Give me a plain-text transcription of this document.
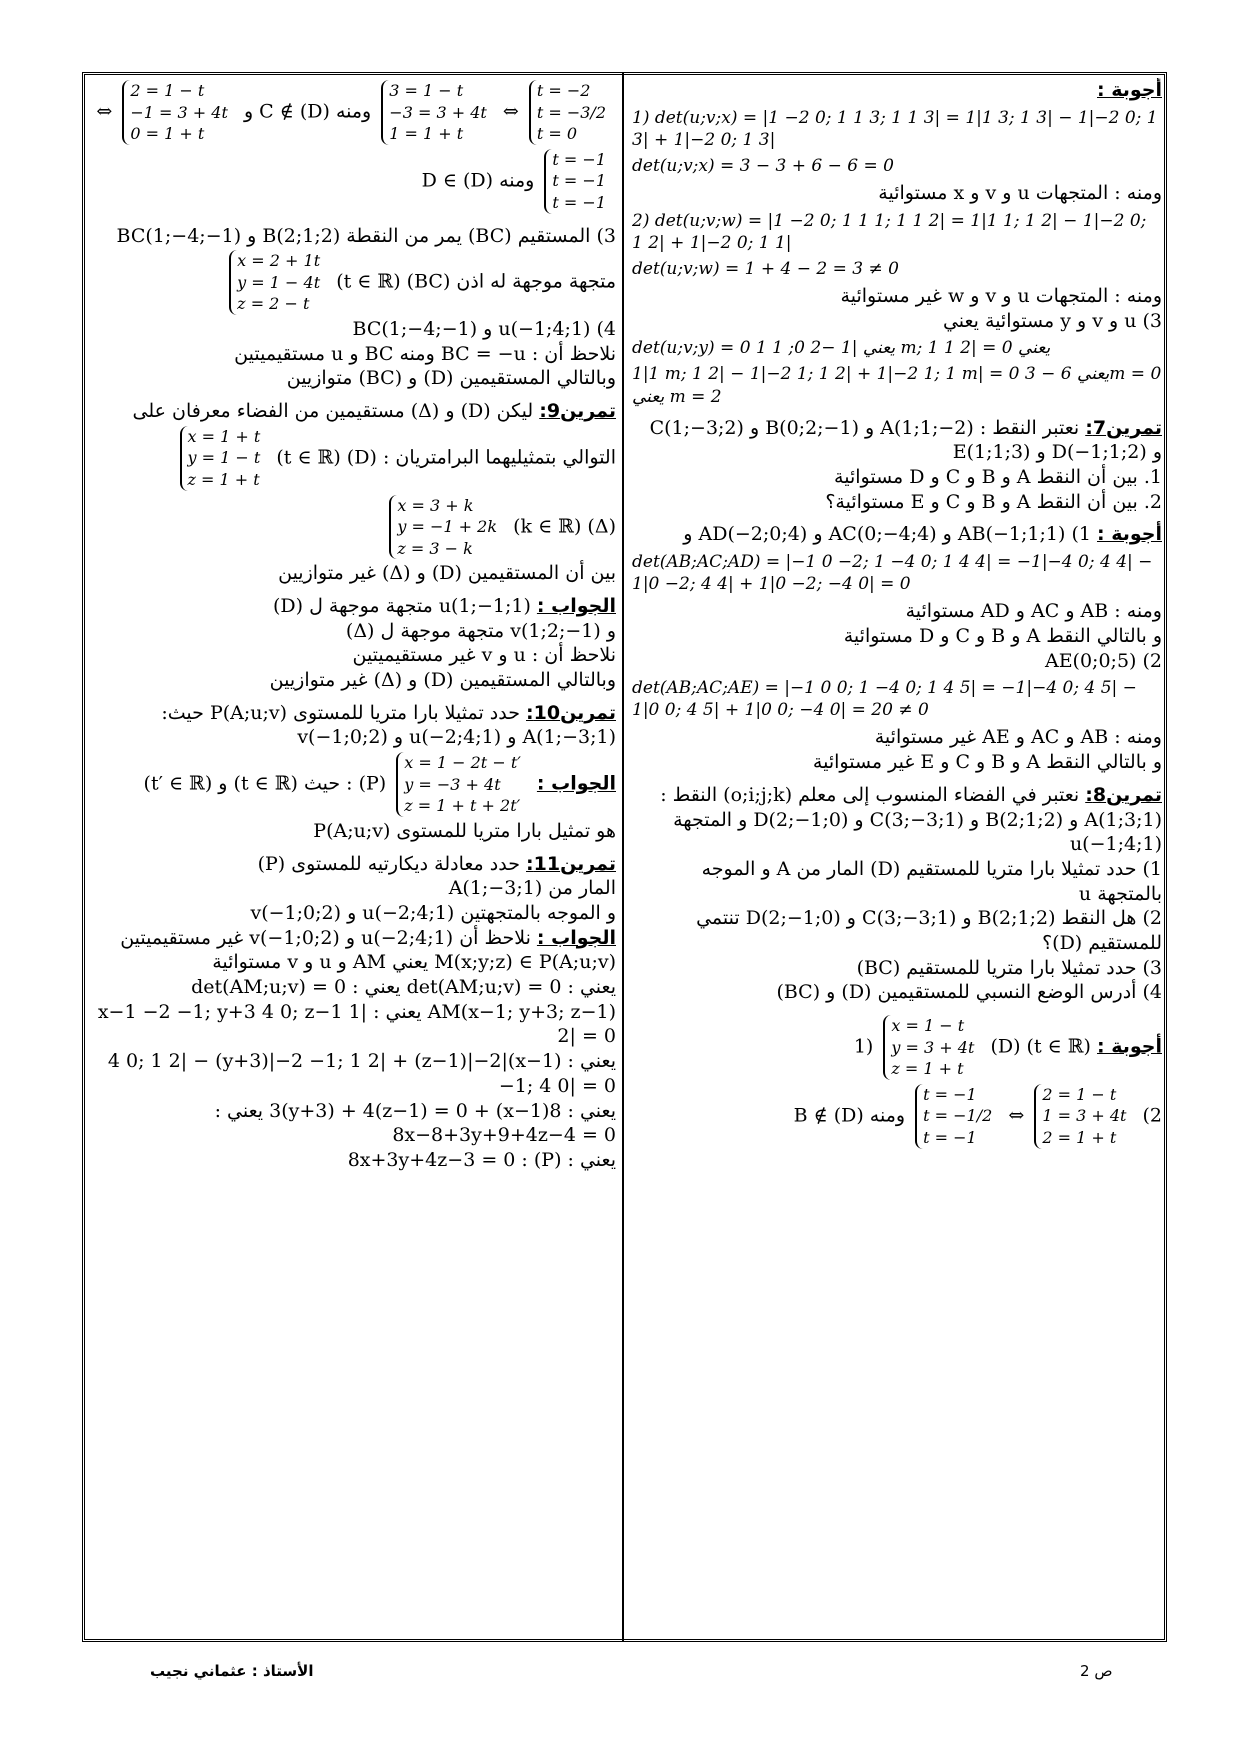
أجوبة :
1) det(u;v;x) = |1 −2 0; 1 1 3; 1 1 3| = 1|1 3; 1 3| − 1|−2 0; 1 3| + 1|−2 0; 1 3|
det(u;v;x) = 3 − 3 + 6 − 6 = 0
ومنه : المتجهات u و v و x مستوائية
2) det(u;v;w) = |1 −2 0; 1 1 1; 1 1 2| = 1|1 1; 1 2| − 1|−2 0; 1 2| + 1|−2 0; 1 1|
det(u;v;w) = 1 + 4 − 2 = 3 ≠ 0
ومنه : المتجهات u و v و w غير مستوائية
3) u و v و y مستوائية يعني
det(u;v;y) = 0 يعني |1 −2 0; 1 1 m; 1 1 2| = 0 يعني
1|1 m; 1 2| − 1|−2 1; 1 2| + 1|−2 1; 1 m| = 0 يعني 6 − 3m = 0 يعني m = 2
تمرين7: نعتبر النقط : A(1;1;−2) و B(0;2;−1) و C(1;−3;2)
و D(−1;1;2) و E(1;1;3)
1. بين أن النقط A و B و C و D مستوائية
2. بين أن النقط A و B و C و E مستوائية؟
أجوبة : 1) AB(−1;1;1) و AC(0;−4;4) و AD(−2;0;4) و
det(AB;AC;AD) = |−1 0 −2; 1 −4 0; 1 4 4| = −1|−4 0; 4 4| − 1|0 −2; 4 4| + 1|0 −2; −4 0| = 0
ومنه : AB و AC و AD مستوائية
و بالتالي النقط A و B و C و D مستوائية
2) AE(0;0;5)
det(AB;AC;AE) = |−1 0 0; 1 −4 0; 1 4 5| = −1|−4 0; 4 5| − 1|0 0; 4 5| + 1|0 0; −4 0| = 20 ≠ 0
ومنه : AB و AC و AE غير مستوائية
و بالتالي النقط A و B و C و E غير مستوائية
تمرين8: نعتبر في الفضاء المنسوب إلى معلم (o;i;j;k) النقط :
A(1;3;1) و B(2;1;2) و C(3;−3;1) و D(2;−1;0) و المتجهة
u(−1;4;1)
1) حدد تمثيلا بارا متريا للمستقيم (D) المار من A و الموجه بالمتجهة u
2) هل النقط B(2;1;2) و C(3;−3;1) و D(2;−1;0) تنتمي للمستقيم (D)؟
3) حدد تمثيلا بارا متريا للمستقيم (BC)
4) أدرس الوضع النسبي للمستقيمين (D) و (BC)
أجوبة : (t ∈ ℝ) 1)
x = 1 − t
y = 3 + 4t
z = 1 + t
(D)
2)
2 = 1 − t
1 = 3 + 4t
2 = 1 + t
⇔
t = −1
t = −1/2
t = −1
ومنه B ∉ (D)
t = −2
t = −3/2
t = 0
⇔
3 = 1 − t
−3 = 3 + 4t
1 = 1 + t
ومنه C ∉ (D) و
2 = 1 − t
−1 = 3 + 4t
0 = 1 + t
⇔
t = −1
t = −1
t = −1
ومنه D ∈ (D)
3) المستقيم (BC) يمر من النقطة B(2;1;2) و BC(1;−4;−1)
متجهة موجهة له اذن (BC) (t ∈ ℝ)
x = 2 + 1t
y = 1 − 4t
z = 2 − t
4) u(−1;4;1) و BC(1;−4;−1)
نلاحظ أن : BC = −u ومنه BC و u مستقيميتين
وبالتالي المستقيمين (D) و (BC) متوازيين
تمرين9: ليكن (D) و (Δ) مستقيمين من الفضاء معرفان على
التوالي بتمثيليهما البرامتريان : (D) (t ∈ ℝ)
x = 1 + t
y = 1 − t
z = 1 + t
(Δ) (k ∈ ℝ)
x = 3 + k
y = −1 + 2k
z = 3 − k
بين أن المستقيمين (D) و (Δ) غير متوازيين
الجواب : u(1;−1;1) متجهة موجهة ل (D)
و v(1;2;−1) متجهة موجهة ل (Δ)
نلاحظ أن : u و v غير مستقيميتين
وبالتالي المستقيمين (D) و (Δ) غير متوازيين
تمرين10: حدد تمثيلا بارا متريا للمستوى P(A;u;v) حيث:
A(1;−3;1) و u(−2;4;1) و v(−1;0;2)
الجواب :
x = 1 − 2t − t′
y = −3 + 4t
z = 1 + t + 2t′
(P) : حيث (t ∈ ℝ) و (t′ ∈ ℝ)
هو تمثيل بارا متريا للمستوى P(A;u;v)
تمرين11: حدد معادلة ديكارتيه للمستوى (P)
المار من A(1;−3;1)
و الموجه بالمتجهتين u(−2;4;1) و v(−1;0;2)
الجواب : نلاحظ أن u(−2;4;1) و v(−1;0;2) غير مستقيميتين
M(x;y;z) ∈ P(A;u;v) يعني AM و u و v مستوائية
يعني : det(AM;u;v) = 0 يعني : det(AM;u;v) = 0
AM(x−1; y+3; z−1) يعني : |x−1 −2 −1; y+3 4 0; z−1 1 2| = 0
يعني : (x−1)|4 0; 1 2| − (y+3)|−2 −1; 1 2| + (z−1)|−2 −1; 4 0| = 0
يعني : 8(x−1) + 3(y+3) + 4(z−1) = 0 يعني : 8x−8+3y+9+4z−4 = 0
يعني : (P) : 8x+3y+4z−3 = 0
الأستاذ : عثماني نجيب	ص 2
